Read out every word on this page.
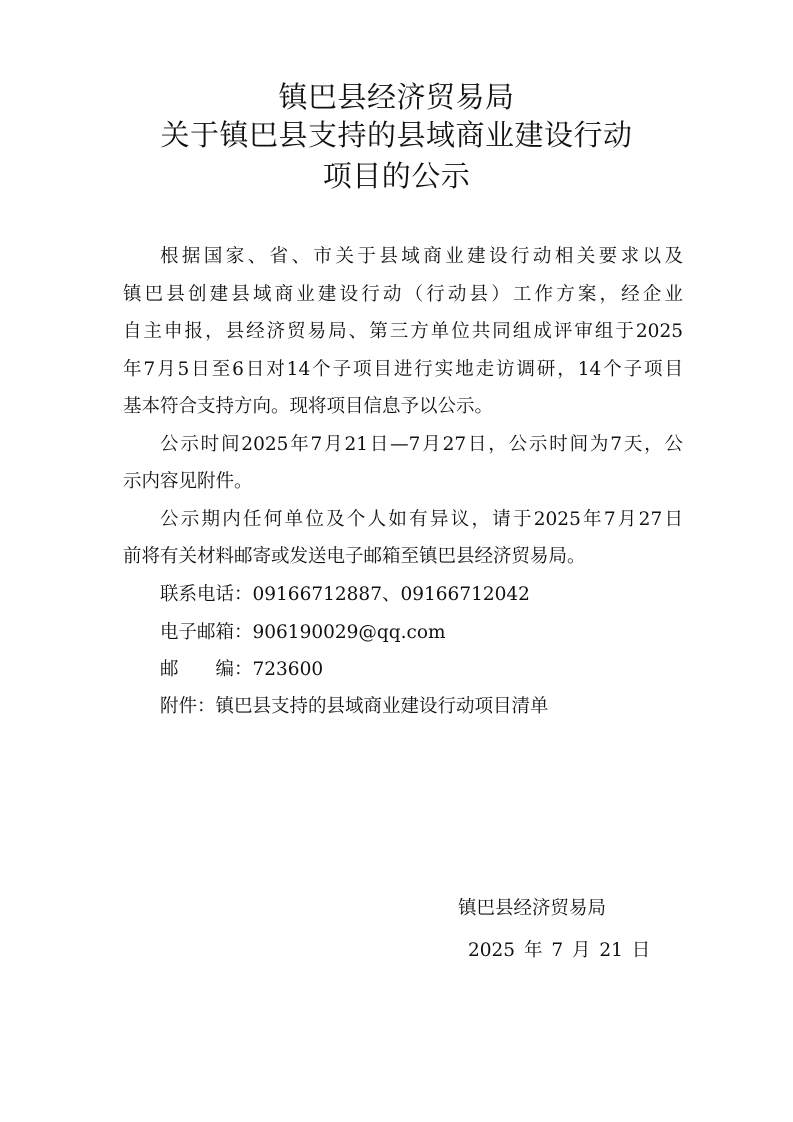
镇巴县经济贸易局
关于镇巴县支持的县域商业建设行动
项目的公示

根据国家、省、市关于县域商业建设行动相关要求以及

镇巴县创建县域商业建设行动（行动县）工作方案，经企业

自主申报，县经济贸易局、第三方单位共同组成评审组于2025

年7月5日至6日对14个子项目进行实地走访调研，14个子项目

基本符合支持方向。现将项目信息予以公示。

公示时间2025年7月21日—7月27日，公示时间为7天，公

示内容见附件。

公示期内任何单位及个人如有异议，请于2025年7月27日

前将有关材料邮寄或发送电子邮箱至镇巴县经济贸易局。

联系电话：09166712887、09166712042

电子邮箱：906190029@qq.com

邮　　编：723600

附件：镇巴县支持的县域商业建设行动项目清单

镇巴县经济贸易局

2025 年 7 月 21 日
